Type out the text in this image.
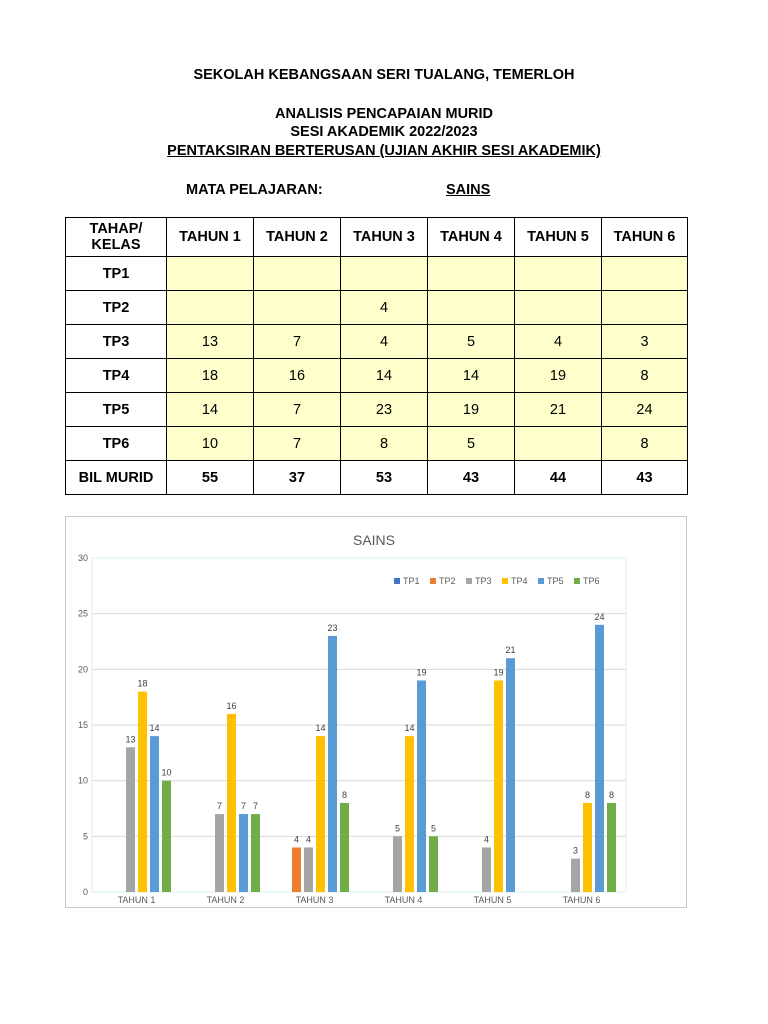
SEKOLAH KEBANGSAAN SERI TUALANG, TEMERLOH
ANALISIS PENCAPAIAN MURID
SESI AKADEMIK 2022/2023
PENTAKSIRAN BERTERUSAN (UJIAN AKHIR SESI AKADEMIK)
MATA PELAJARAN:	SAINS
TAHAP/
KELAS	TAHUN 1	TAHUN 2	TAHUN 3	TAHUN 4	TAHUN 5	TAHUN 6
TP1						
TP2			4			
TP3	13	7	4	5	4	3
TP4	18	16	14	14	19	8
TP5	14	7	23	19	21	24
TP6	10	7	8	5		8
BIL MURID	55	37	53	43	44	43
SAINS
0
5
10
15
20
25
30
13
18
14
10
TAHUN 1
7
16
7 7
TAHUN 2
4 4
14
23
8
TAHUN 3
5
14
19
5
TAHUN 4
4
19
21
TAHUN 5
3
8
24
8
TAHUN 6
TP1 TP2 TP3 TP4 TP5 TP6
